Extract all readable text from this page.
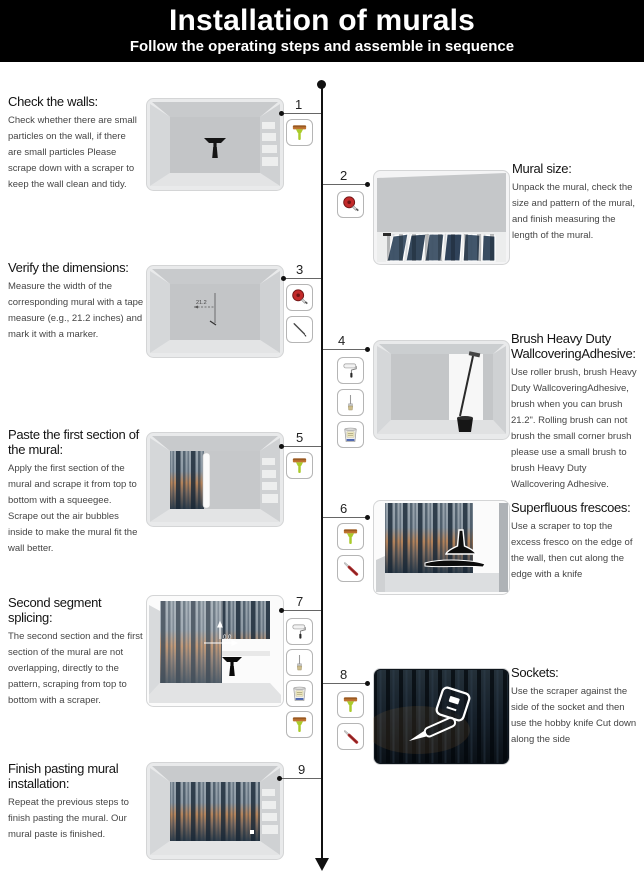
Installation of murals
Follow the operating steps and assemble in sequence
Check the walls:

Check whether there are small particles on the wall, if there are small particles Please scrape down with a scraper to keep the wall clean and tidy.

1
2	Mural size:

Unpack the mural, check the size and pattern of the mural, and finish measuring the length of the mural.

Verify the dimensions:

Measure the width of the corresponding mural with a tape measure (e.g., 21.2 inches) and mark it with a marker.

21.2
3
4	Brush Heavy Duty WallcoveringAdhesive:

Use roller brush, brush Heavy Duty WallcoveringAdhesive, brush when you can brush 21.2". Rolling brush can not brush the small corner brush please use a small brush to brush Heavy Duty Wallcovering Adhesive.

Paste the first section of the mural:

Apply the first section of the mural and scrape it from top to bottom with a squeegee. Scrape out the air bubbles inside to make the mural fit the wall better.

5
6	Superfluous frescoes:

Use a scraper to top the excess fresco on the edge of the wall, then cut along the edge with a knife

Second segment splicing:

The second section and the first section of the mural are not overlapping, directly to the pattern, scraping from top to bottom with a scraper.

0.0
7
8	Sockets:

Use the scraper against the side of the socket and then use the hobby knife Cut down along the side

Finish pasting mural installation:

Repeat the previous steps to finish pasting the mural. Our mural paste is finished.

9
